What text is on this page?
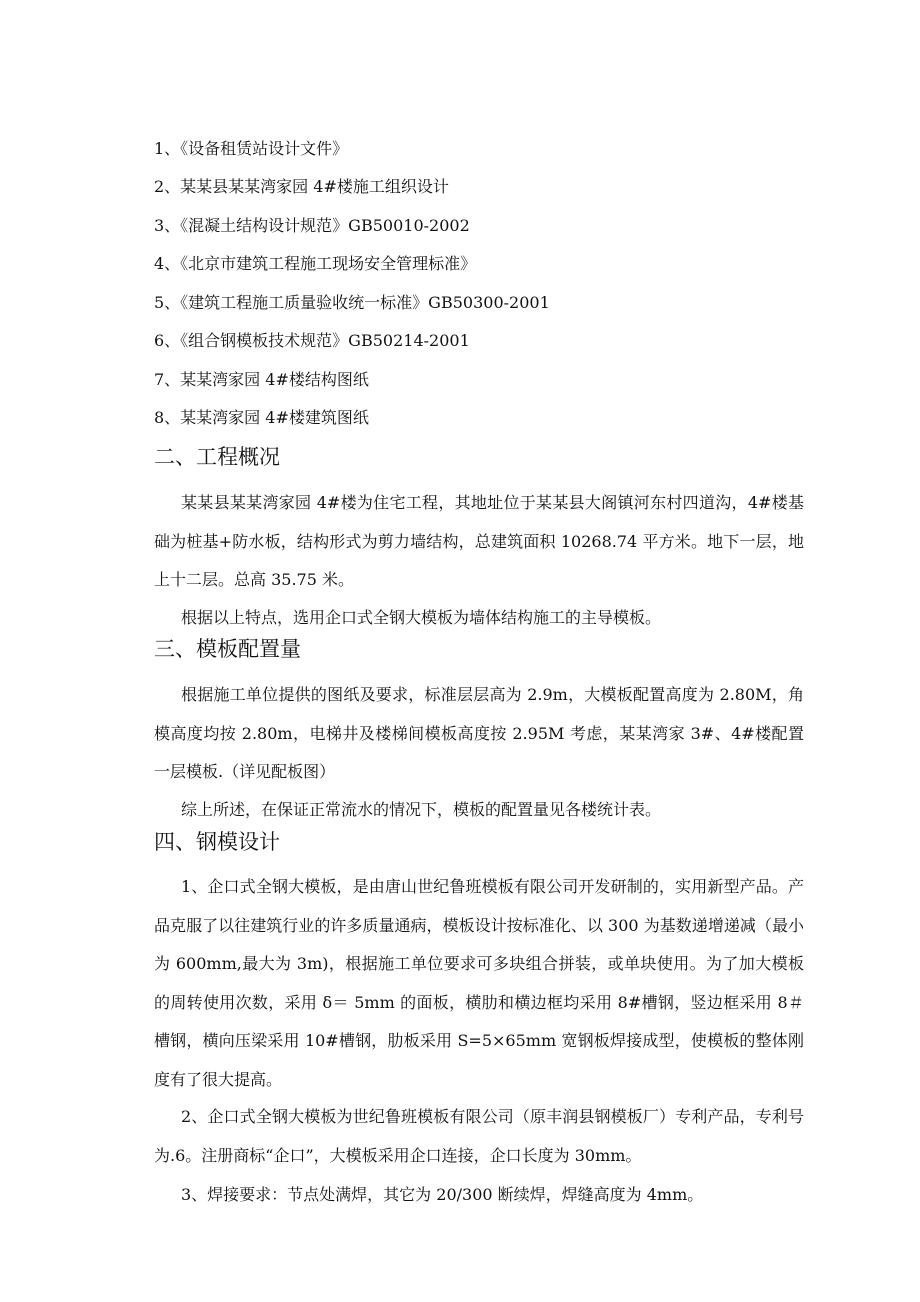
1、《设备租赁站设计文件》

2、某某县某某湾家园 4#楼施工组织设计

3、《混凝土结构设计规范》GB50010-2002

4、《北京市建筑工程施工现场安全管理标准》

5、《建筑工程施工质量验收统一标准》GB50300-2001

6、《组合钢模板技术规范》GB50214-2001

7、某某湾家园 4#楼结构图纸

8、某某湾家园 4#楼建筑图纸

二、工程概况

某某县某某湾家园 4#楼为住宅工程，其地址位于某某县大阁镇河东村四道沟，4#楼基础为桩基+防水板，结构形式为剪力墙结构，总建筑面积 10268.74 平方米。地下一层，地上十二层。总高 35.75 米。

根据以上特点，选用企口式全钢大模板为墙体结构施工的主导模板。

三、模板配置量

根据施工单位提供的图纸及要求，标准层层高为 2.9m，大模板配置高度为 2.80M，角模高度均按 2.80m，电梯井及楼梯间模板高度按 2.95M 考虑，某某湾家 3#、4#楼配置一层模板.（详见配板图）

综上所述，在保证正常流水的情况下，模板的配置量见各楼统计表。

四、钢模设计

1、企口式全钢大模板，是由唐山世纪鲁班模板有限公司开发研制的，实用新型产品。产品克服了以往建筑行业的许多质量通病，模板设计按标准化、以 300 为基数递增递减（最小为 600mm,最大为 3m)，根据施工单位要求可多块组合拼装，或单块使用。为了加大模板的周转使用次数，采用 δ＝ 5mm 的面板，横肋和横边框均采用 8#槽钢，竖边框采用 8＃槽钢，横向压梁采用 10#槽钢，肋板采用 S=5×65mm 宽钢板焊接成型，使模板的整体刚度有了很大提高。

2、企口式全钢大模板为世纪鲁班模板有限公司（原丰润县钢模板厂）专利产品，专利号为.6。注册商标“企口”，大模板采用企口连接，企口长度为 30mm。

3、焊接要求：节点处满焊，其它为 20/300 断续焊，焊缝高度为 4mm。
